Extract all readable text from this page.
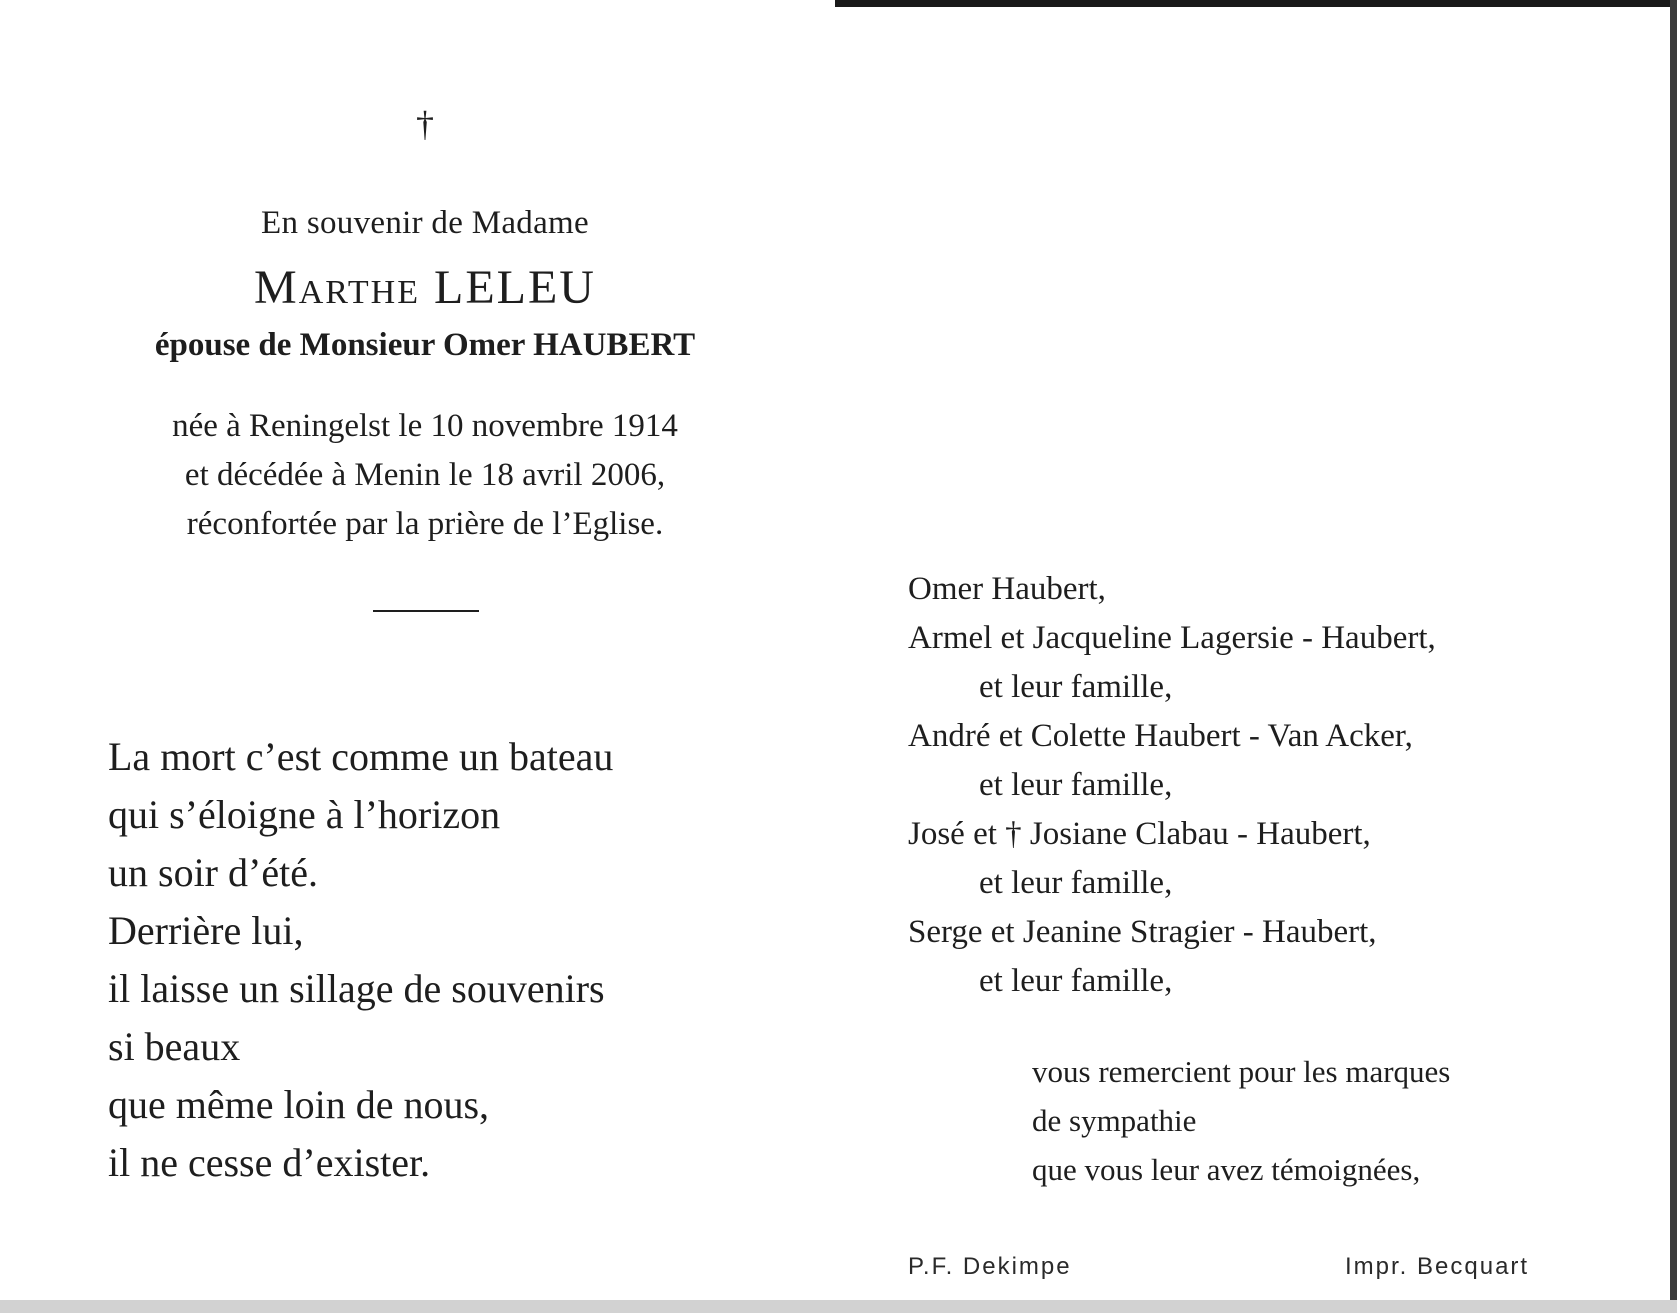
†
En souvenir de Madame
Marthe LELEU
épouse de Monsieur Omer HAUBERT
née à Reningelst le 10 novembre 1914
et décédée à Menin le 18 avril 2006,
réconfortée par la prière de l’Eglise.
La mort c’est comme un bateau
qui s’éloigne à l’horizon
un soir d’été.
Derrière lui,
il laisse un sillage de souvenirs
si beaux
que même loin de nous,
il ne cesse d’exister.
Omer Haubert,
Armel et Jacqueline Lagersie - Haubert,
et leur famille,
André et Colette Haubert - Van Acker,
et leur famille,
José et † Josiane Clabau - Haubert,
et leur famille,
Serge et Jeanine Stragier - Haubert,
et leur famille,
vous remercient pour les marques
de sympathie
que vous leur avez témoignées,
P.F. Dekimpe	Impr. Becquart
